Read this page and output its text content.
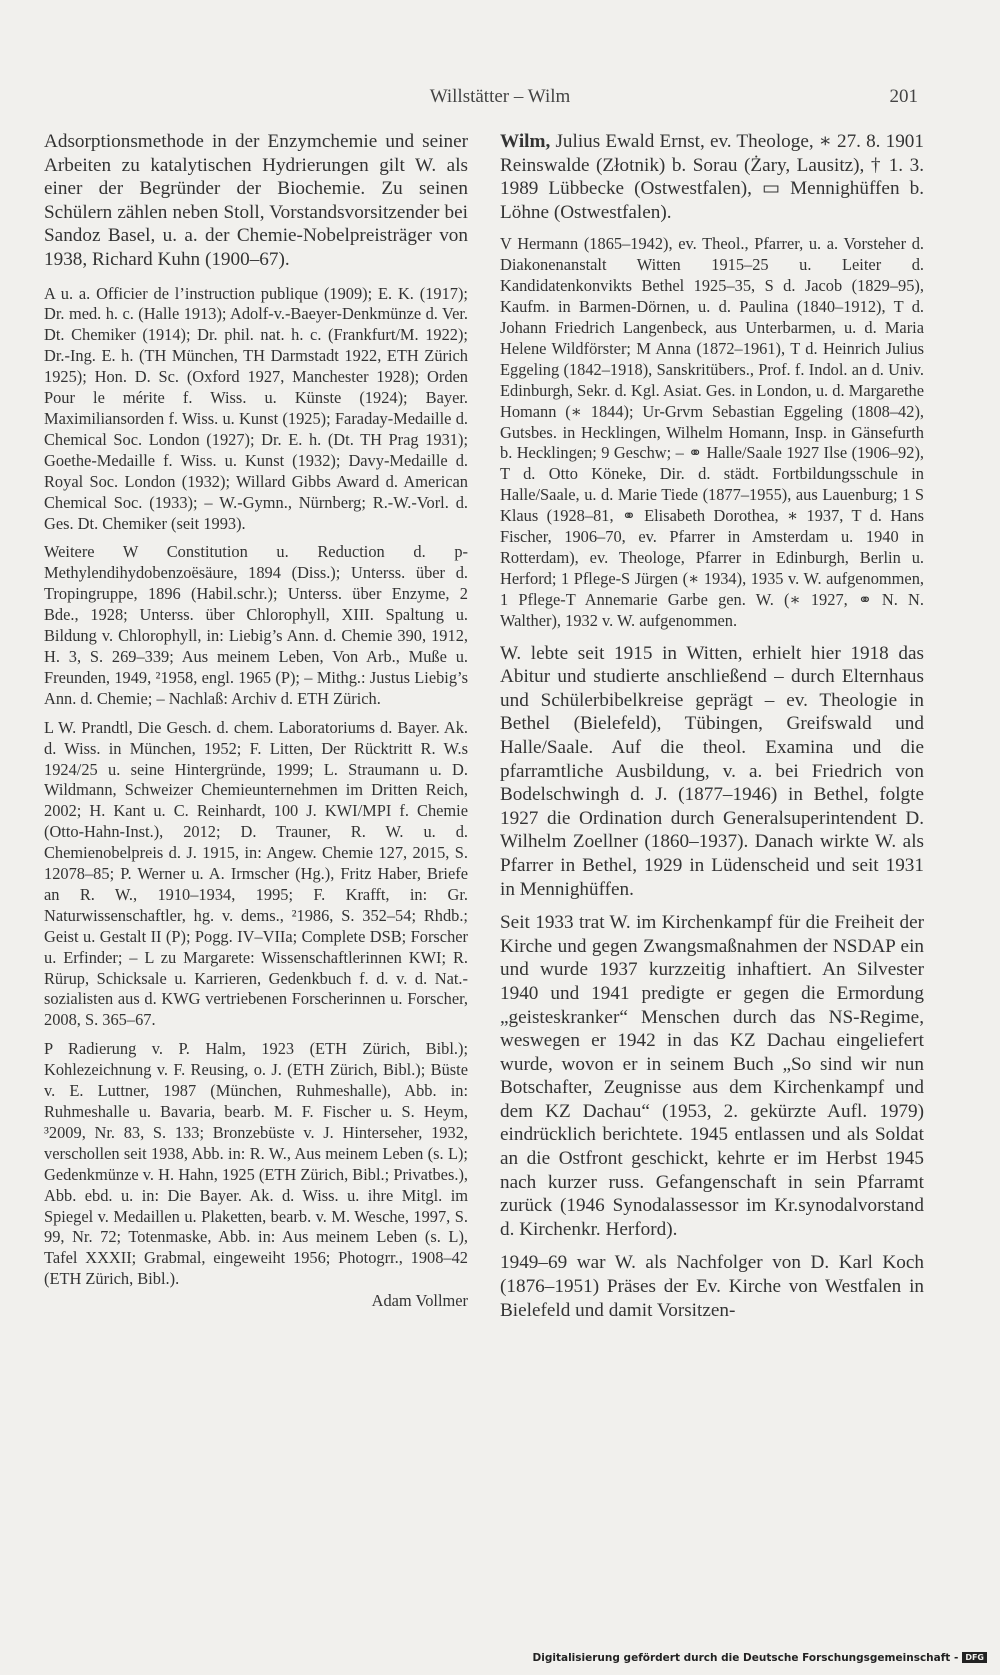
Willstätter – Wilm	201

Adsorptionsmethode in der Enzymchemie und seiner Arbeiten zu katalytischen Hydrierungen gilt W. als einer der Begründer der Biochemie. Zu seinen Schülern zählen neben Stoll, Vorstandsvorsitzender bei Sandoz Basel, u. a. der Chemie-Nobelpreisträger von 1938, Richard Kuhn (1900–67).

A u. a. Officier de l’instruction publique (1909); E. K. (1917); Dr. med. h. c. (Halle 1913); Adolf-v.-Baeyer-Denkmünze d. Ver. Dt. Chemiker (1914); Dr. phil. nat. h. c. (Frankfurt/M. 1922); Dr.-Ing. E. h. (TH München, TH Darmstadt 1922, ETH Zürich 1925); Hon. D. Sc. (Oxford 1927, Manchester 1928); Orden Pour le mérite f. Wiss. u. Künste (1924); Bayer. Maximiliansorden f. Wiss. u. Kunst (1925); Faraday-Medaille d. Chemical Soc. London (1927); Dr. E. h. (Dt. TH Prag 1931); Goethe-Medaille f. Wiss. u. Kunst (1932); Davy-Medaille d. Royal Soc. London (1932); Willard Gibbs Award d. American Chemical Soc. (1933); – W.-Gymn., Nürnberg; R.-W.-Vorl. d. Ges. Dt. Chemiker (seit 1993).

Weitere W Constitution u. Reduction d. p-Methylendihydobenzoësäure, 1894 (Diss.); Unterss. über d. Tropingruppe, 1896 (Habil.schr.); Unterss. über Enzyme, 2 Bde., 1928; Unterss. über Chlorophyll, XIII. Spaltung u. Bildung v. Chlorophyll, in: Liebig’s Ann. d. Chemie 390, 1912, H. 3, S. 269–339; Aus meinem Leben, Von Arb., Muße u. Freunden, 1949, ²1958, engl. 1965 (P); – Mithg.: Justus Liebig’s Ann. d. Chemie; – Nachlaß: Archiv d. ETH Zürich.

L W. Prandtl, Die Gesch. d. chem. Laboratoriums d. Bayer. Ak. d. Wiss. in München, 1952; F. Litten, Der Rücktritt R. W.s 1924/25 u. seine Hintergründe, 1999; L. Straumann u. D. Wildmann, Schweizer Chemieunternehmen im Dritten Reich, 2002; H. Kant u. C. Reinhardt, 100 J. KWI/MPI f. Chemie (Otto-Hahn-Inst.), 2012; D. Trauner, R. W. u. d. Chemienobelpreis d. J. 1915, in: Angew. Chemie 127, 2015, S. 12078–85; P. Werner u. A. Irmscher (Hg.), Fritz Haber, Briefe an R. W., 1910–1934, 1995; F. Krafft, in: Gr. Naturwissenschaftler, hg. v. dems., ²1986, S. 352–54; Rhdb.; Geist u. Gestalt II (P); Pogg. IV–VIIa; Complete DSB; Forscher u. Erfinder; – L zu Margarete: Wissenschaftlerinnen KWI; R. Rürup, Schicksale u. Karrieren, Gedenkbuch f. d. v. d. Nat.-sozialisten aus d. KWG vertriebenen Forscherinnen u. Forscher, 2008, S. 365–67.

P Radierung v. P. Halm, 1923 (ETH Zürich, Bibl.); Kohlezeichnung v. F. Reusing, o. J. (ETH Zürich, Bibl.); Büste v. E. Luttner, 1987 (München, Ruhmeshalle), Abb. in: Ruhmeshalle u. Bavaria, bearb. M. F. Fischer u. S. Heym, ³2009, Nr. 83, S. 133; Bronzebüste v. J. Hinterseher, 1932, verschollen seit 1938, Abb. in: R. W., Aus meinem Leben (s. L); Gedenkmünze v. H. Hahn, 1925 (ETH Zürich, Bibl.; Privatbes.), Abb. ebd. u. in: Die Bayer. Ak. d. Wiss. u. ihre Mitgl. im Spiegel v. Medaillen u. Plaketten, bearb. v. M. Wesche, 1997, S. 99, Nr. 72; Totenmaske, Abb. in: Aus meinem Leben (s. L), Tafel XXXII; Grabmal, eingeweiht 1956; Photogrr., 1908–42 (ETH Zürich, Bibl.).

Adam Vollmer

Wilm, Julius Ewald Ernst, ev. Theologe, ∗ 27. 8. 1901 Reinswalde (Złotnik) b. Sorau (Żary, Lausitz), † 1. 3. 1989 Lübbecke (Ostwestfalen), ▭ Mennighüffen b. Löhne (Ostwestfalen).

V Hermann (1865–1942), ev. Theol., Pfarrer, u. a. Vorsteher d. Diakonenanstalt Witten 1915–25 u. Leiter d. Kandidatenkonvikts Bethel 1925–35, S d. Jacob (1829–95), Kaufm. in Barmen-Dörnen, u. d. Paulina (1840–1912), T d. Johann Friedrich Langenbeck, aus Unterbarmen, u. d. Maria Helene Wildförster; M Anna (1872–1961), T d. Heinrich Julius Eggeling (1842–1918), Sanskritübers., Prof. f. Indol. an d. Univ. Edinburgh, Sekr. d. Kgl. Asiat. Ges. in London, u. d. Margarethe Homann (∗ 1844); Ur-Grvm Sebastian Eggeling (1808–42), Gutsbes. in Hecklingen, Wilhelm Homann, Insp. in Gänsefurth b. Hecklingen; 9 Geschw; – ⚭ Halle/Saale 1927 Ilse (1906–92), T d. Otto Köneke, Dir. d. städt. Fortbildungsschule in Halle/Saale, u. d. Marie Tiede (1877–1955), aus Lauenburg; 1 S Klaus (1928–81, ⚭ Elisabeth Dorothea, ∗ 1937, T d. Hans Fischer, 1906–70, ev. Pfarrer in Amsterdam u. 1940 in Rotterdam), ev. Theologe, Pfarrer in Edinburgh, Berlin u. Herford; 1 Pflege-S Jürgen (∗ 1934), 1935 v. W. aufgenommen, 1 Pflege-T Annemarie Garbe gen. W. (∗ 1927, ⚭ N. N. Walther), 1932 v. W. aufgenommen.

W. lebte seit 1915 in Witten, erhielt hier 1918 das Abitur und studierte anschließend – durch Elternhaus und Schülerbibelkreise geprägt – ev. Theologie in Bethel (Bielefeld), Tübingen, Greifswald und Halle/Saale. Auf die theol. Examina und die pfarramtliche Ausbildung, v. a. bei Friedrich von Bodelschwingh d. J. (1877–1946) in Bethel, folgte 1927 die Ordination durch Generalsuperintendent D. Wilhelm Zoellner (1860–1937). Danach wirkte W. als Pfarrer in Bethel, 1929 in Lüdenscheid und seit 1931 in Mennighüffen.

Seit 1933 trat W. im Kirchenkampf für die Freiheit der Kirche und gegen Zwangsmaßnahmen der NSDAP ein und wurde 1937 kurzzeitig inhaftiert. An Silvester 1940 und 1941 predigte er gegen die Ermordung „geisteskranker“ Menschen durch das NS-Regime, weswegen er 1942 in das KZ Dachau eingeliefert wurde, wovon er in seinem Buch „So sind wir nun Botschafter, Zeugnisse aus dem Kirchenkampf und dem KZ Dachau“ (1953, 2. gekürzte Aufl. 1979) eindrücklich berichtete. 1945 entlassen und als Soldat an die Ostfront geschickt, kehrte er im Herbst 1945 nach kurzer russ. Gefangenschaft in sein Pfarramt zurück (1946 Synodalassessor im Kr.synodalvorstand d. Kirchenkr. Herford).

1949–69 war W. als Nachfolger von D. Karl Koch (1876–1951) Präses der Ev. Kirche von Westfalen in Bielefeld und damit Vorsitzen-

Digitalisierung gefördert durch die Deutsche Forschungsgemeinschaft - DFG
